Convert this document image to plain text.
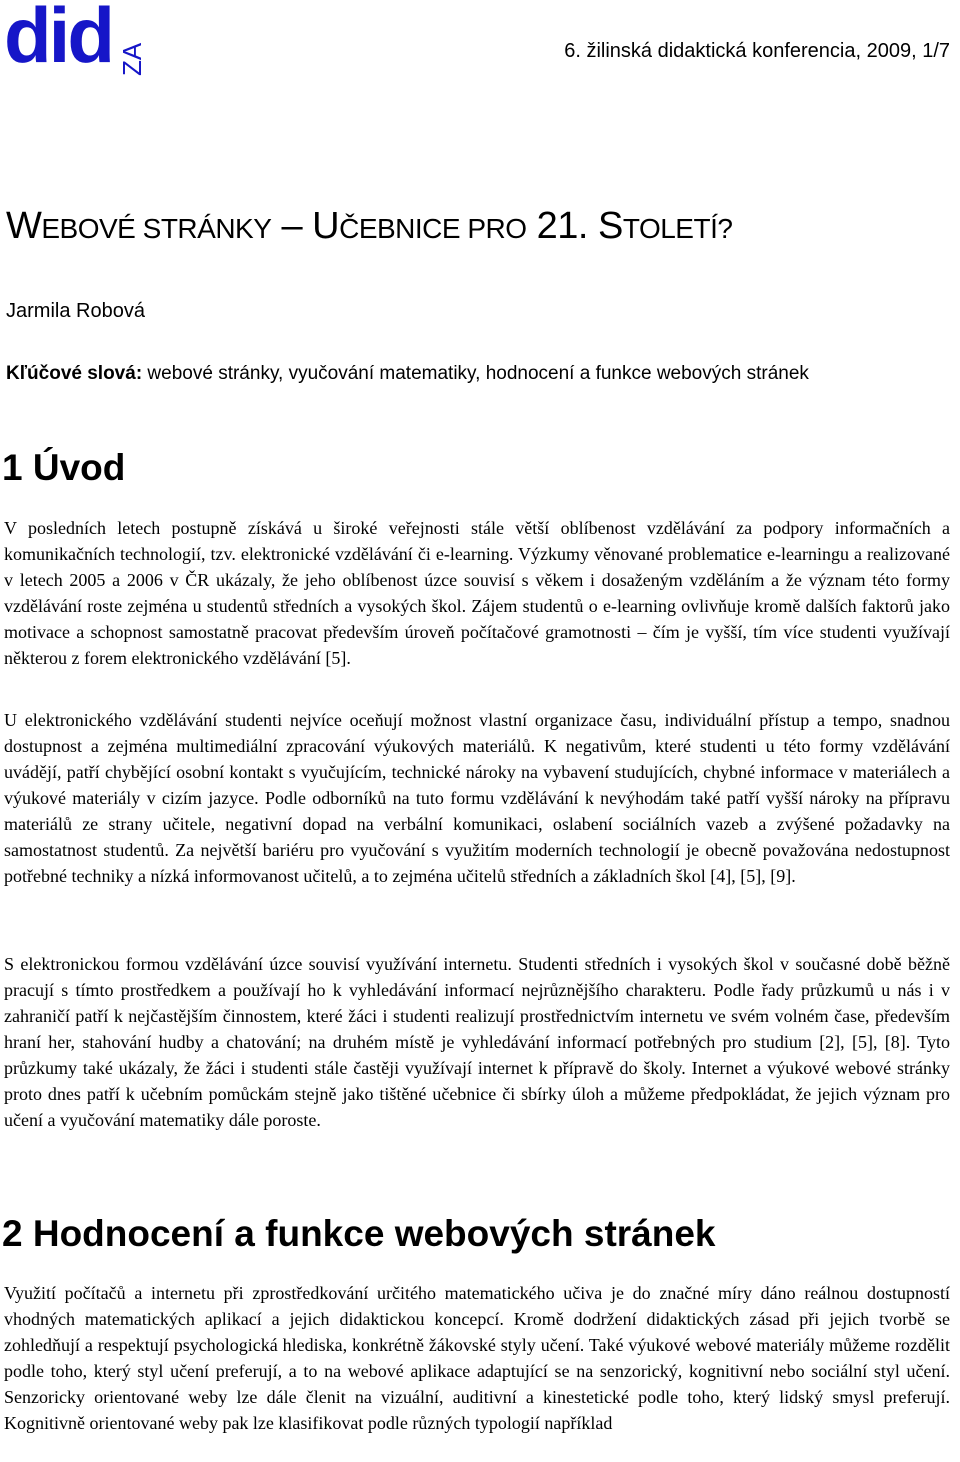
did ZA	6. žilinská didaktická konferencia, 2009, 1/7
WEBOVÉ STRÁNKY – UČEBNICE PRO 21. STOLETÍ?
Jarmila Robová
Kľúčové slová: webové stránky, vyučování matematiky, hodnocení a funkce webových stránek
1 Úvod

V posledních letech postupně získává u široké veřejnosti stále větší oblíbenost vzdělávání za podpory informačních a komunikačních technologií, tzv. elektronické vzdělávání či e-learning. Výzkumy věnované problematice e-learningu a realizované v letech 2005 a 2006 v ČR ukázaly, že jeho oblíbenost úzce souvisí s věkem i dosaženým vzděláním a že význam této formy vzdělávání roste zejména u studentů středních a vysokých škol. Zájem studentů o e-learning ovlivňuje kromě dalších faktorů jako motivace a schopnost samostatně pracovat především úroveň počítačové gramotnosti – čím je vyšší, tím více studenti využívají některou z forem elektronického vzdělávání [5].

U elektronického vzdělávání studenti nejvíce oceňují možnost vlastní organizace času, individuální přístup a tempo, snadnou dostupnost a zejména multimediální zpracování výukových materiálů. K negativům, které studenti u této formy vzdělávání uvádějí, patří chybějící osobní kontakt s vyučujícím, technické nároky na vybavení studujících, chybné informace v materiálech a výukové materiály v cizím jazyce. Podle odborníků na tuto formu vzdělávání k nevýhodám také patří vyšší nároky na přípravu materiálů ze strany učitele, negativní dopad na verbální komunikaci, oslabení sociálních vazeb a zvýšené požadavky na samostatnost studentů. Za největší bariéru pro vyučování s využitím moderních technologií je obecně považována nedostupnost potřebné techniky a nízká informovanost učitelů, a to zejména učitelů středních a základních škol [4], [5], [9].

S elektronickou formou vzdělávání úzce souvisí využívání internetu. Studenti středních i vysokých škol v současné době běžně pracují s tímto prostředkem a používají ho k vyhledávání informací nejrůznějšího charakteru. Podle řady průzkumů u nás i v zahraničí patří k nejčastějším činnostem, které žáci i studenti realizují prostřednictvím internetu ve svém volném čase, především hraní her, stahování hudby a chatování; na druhém místě je vyhledávání informací potřebných pro studium [2], [5], [8]. Tyto průzkumy také ukázaly, že žáci i studenti stále častěji využívají internet k přípravě do školy. Internet a výukové webové stránky proto dnes patří k učebním pomůckám stejně jako tištěné učebnice či sbírky úloh a můžeme předpokládat, že jejich význam pro učení a vyučování matematiky dále poroste.

2 Hodnocení a funkce webových stránek

Využití počítačů a internetu při zprostředkování určitého matematického učiva je do značné míry dáno reálnou dostupností vhodných matematických aplikací a jejich didaktickou koncepcí. Kromě dodržení didaktických zásad při jejich tvorbě se zohledňují a respektují psychologická hlediska, konkrétně žákovské styly učení. Také výukové webové materiály můžeme rozdělit podle toho, který styl učení preferují, a to na webové aplikace adaptující se na senzorický, kognitivní nebo sociální styl učení. Senzoricky orientované weby lze dále členit na vizuální, auditivní a kinestetické podle toho, který lidský smysl preferují. Kognitivně orientované weby pak lze klasifikovat podle různých typologií například
